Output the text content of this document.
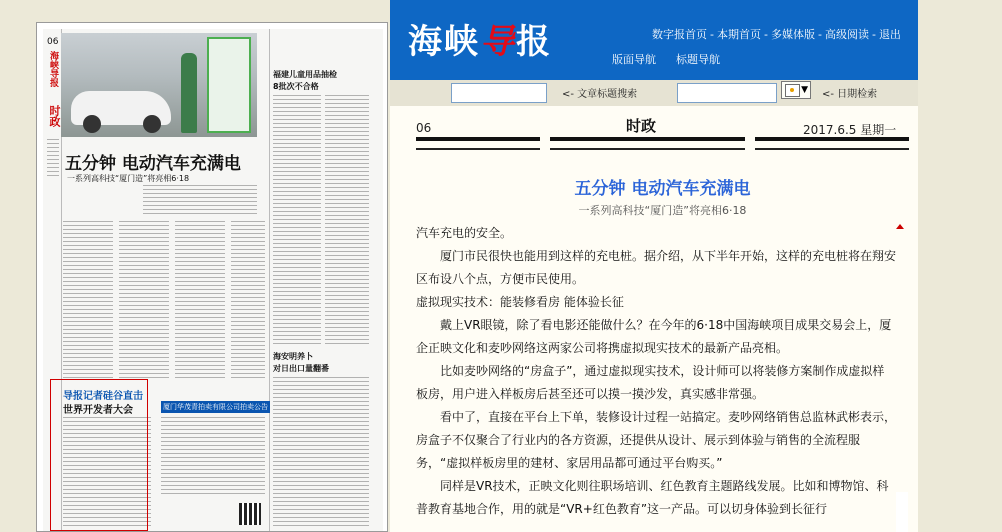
06
海峡导报
时政
五分钟 电动汽车充满电
一系列高科技“厦门造”将亮相6·18
福建儿童用品抽检
8批次不合格
海安明养卜
对日出口量翻番
导报记者硅谷直击
世界开发者大会	厦门华茂青拍卖有限公司拍卖公告
海峡导报	数字报首页 - 本期首页 - 多媒体版 - 高级阅读 - 退出
版面导航 标题导航
<- 文章标题搜索	▼ <- 日期检索
06	时政	2017.6.5 星期一
五分钟 电动汽车充满电
一系列高科技“厦门造”将亮相6·18

汽车充电的安全。

厦门市民很快也能用到这样的充电桩。据介绍，从下半年开始，这样的充电桩将在翔安区布设八个点，方便市民使用。

虚拟现实技术：能装修看房 能体验长征

戴上VR眼镜，除了看电影还能做什么？在今年的6·18中国海峡项目成果交易会上，厦企正映文化和麦吵网络这两家公司将携虚拟现实技术的最新产品亮相。

比如麦吵网络的“房盒子”，通过虚拟现实技术，设计师可以将装修方案制作成虚拟样板房，用户进入样板房后甚至还可以摸一摸沙发，真实感非常强。

看中了，直接在平台上下单，装修设计过程一站搞定。麦吵网络销售总监林武彬表示，房盒子不仅聚合了行业内的各方资源，还提供从设计、展示到体验与销售的全流程服务，“虚拟样板房里的建材、家居用品都可通过平台购买。”

同样是VR技术，正映文化则往职场培训、红色教育主题路线发展。比如和博物馆、科普教育基地合作，用的就是“VR+红色教育”这一产品。可以切身体验到长征行
